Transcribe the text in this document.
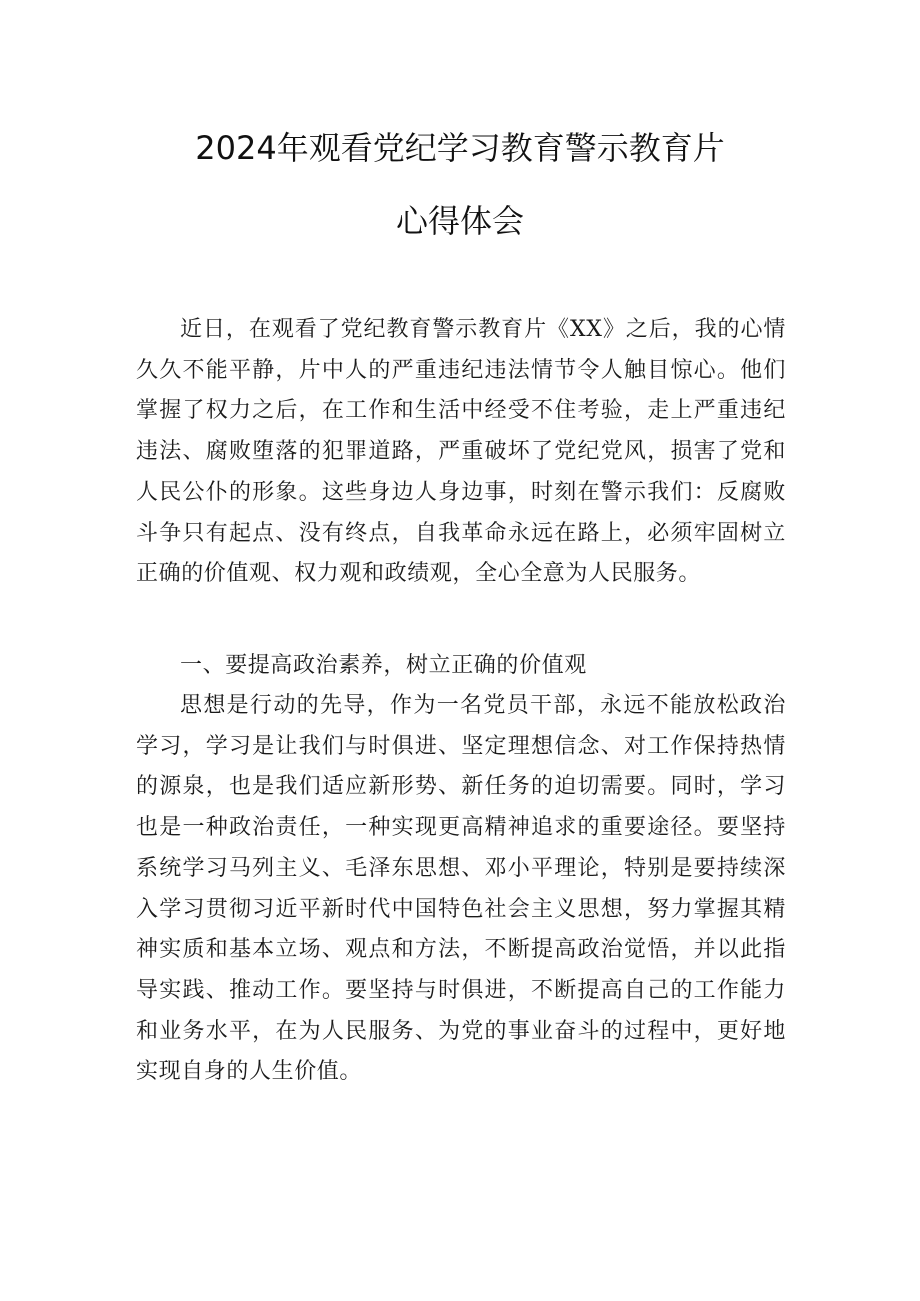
2024年观看党纪学习教育警示教育片
心得体会

近日，在观看了党纪教育警示教育片《XX》之后，我的心情久久不能平静，片中人的严重违纪违法情节令人触目惊心。他们掌握了权力之后，在工作和生活中经受不住考验，走上严重违纪违法、腐败堕落的犯罪道路，严重破坏了党纪党风，损害了党和人民公仆的形象。这些身边人身边事，时刻在警示我们：反腐败斗争只有起点、没有终点，自我革命永远在路上，必须牢固树立正确的价值观、权力观和政绩观，全心全意为人民服务。

一、要提高政治素养，树立正确的价值观

思想是行动的先导，作为一名党员干部，永远不能放松政治学习，学习是让我们与时俱进、坚定理想信念、对工作保持热情的源泉，也是我们适应新形势、新任务的迫切需要。同时，学习也是一种政治责任，一种实现更高精神追求的重要途径。要坚持系统学习马列主义、毛泽东思想、邓小平理论，特别是要持续深入学习贯彻习近平新时代中国特色社会主义思想，努力掌握其精神实质和基本立场、观点和方法，不断提高政治觉悟，并以此指导实践、推动工作。要坚持与时俱进，不断提高自己的工作能力和业务水平，在为人民服务、为党的事业奋斗的过程中，更好地实现自身的人生价值。
